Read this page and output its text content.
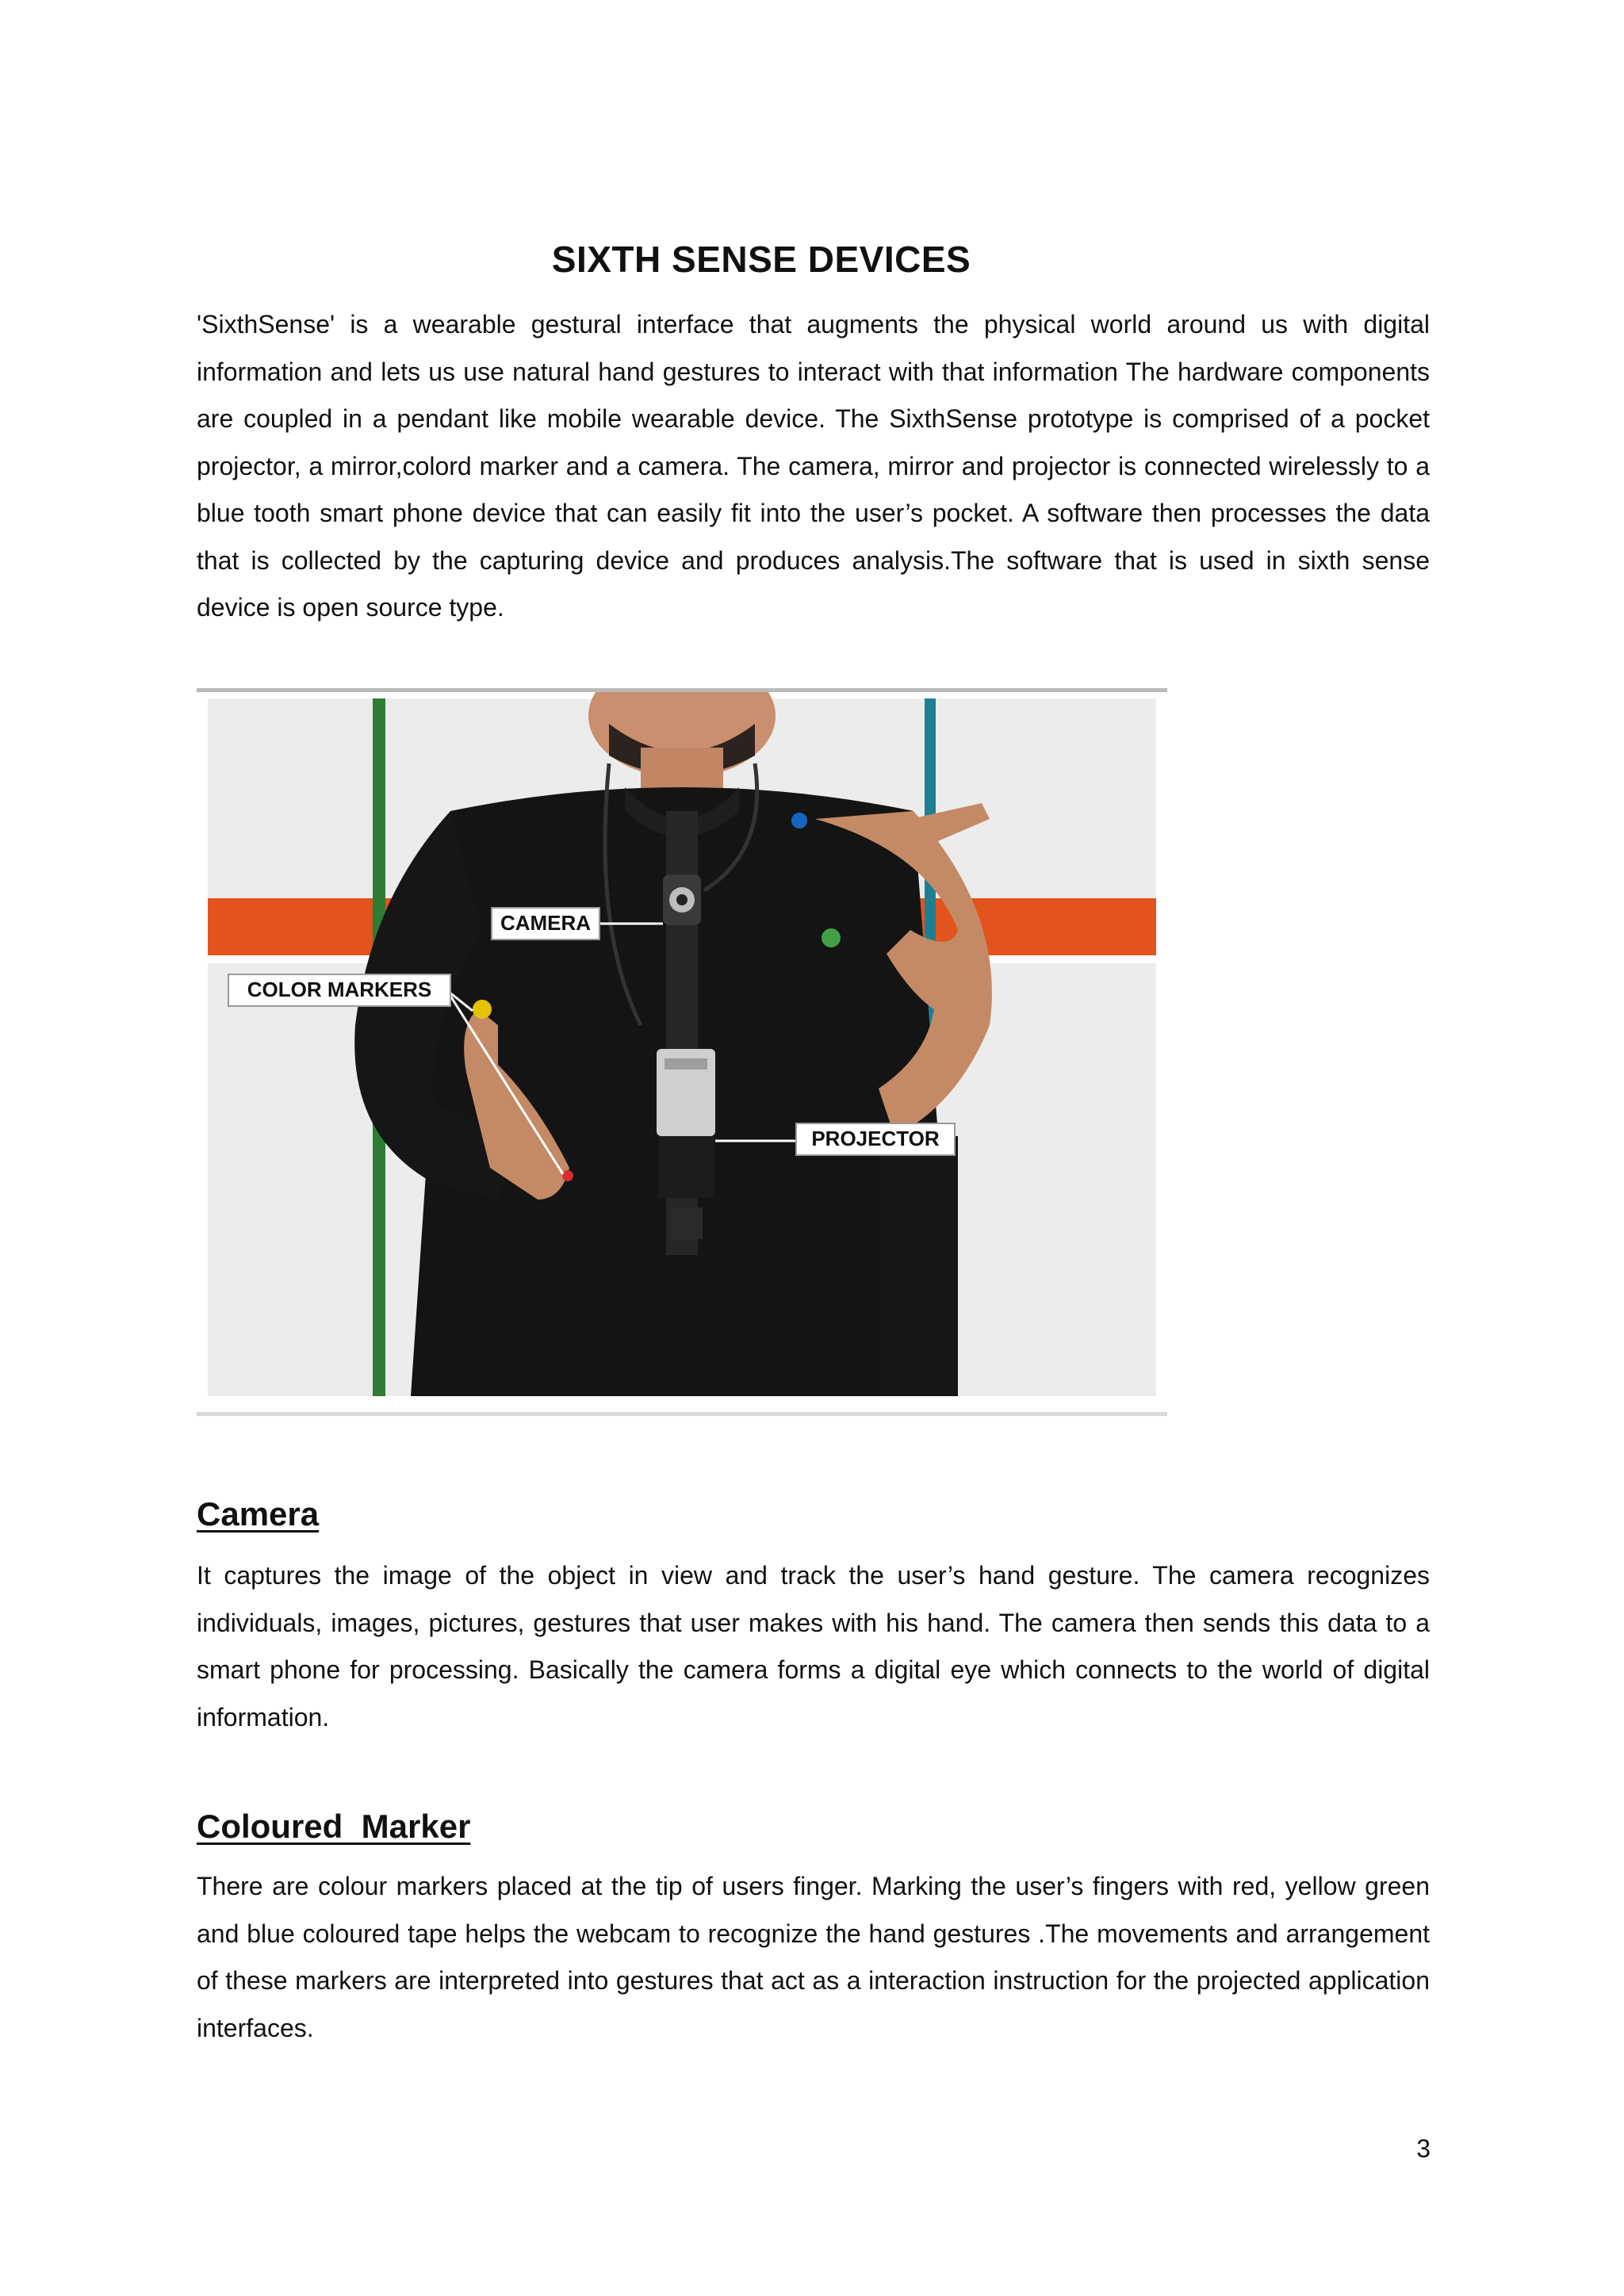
SIXTH SENSE DEVICES

'SixthSense' is a wearable gestural interface that augments the physical world around us with digital information and lets us use natural hand gestures to interact with that information The hardware components are coupled in a pendant like mobile wearable device. The SixthSense prototype is comprised of a pocket projector, a mirror,colord marker and a camera. The camera, mirror and projector is connected wirelessly to a blue tooth smart phone device that can easily fit into the user’s pocket. A software then processes the data that is collected by the capturing device and produces analysis.The software that is used in sixth sense device is open source type.

CAMERA
COLOR MARKERS
PROJECTOR
Camera

It captures the image of the object in view and track the user’s hand gesture. The camera recognizes individuals, images, pictures, gestures that user makes with his hand. The camera then sends this data to a smart phone for processing. Basically the camera forms a digital eye which connects to the world of digital information.

Coloured  Marker

There are colour markers placed at the tip of users finger. Marking the user’s fingers with red, yellow green and blue coloured tape helps the webcam to recognize the hand gestures .The movements and arrangement of these markers are interpreted into gestures that act as a interaction instruction for the projected application interfaces.

3
